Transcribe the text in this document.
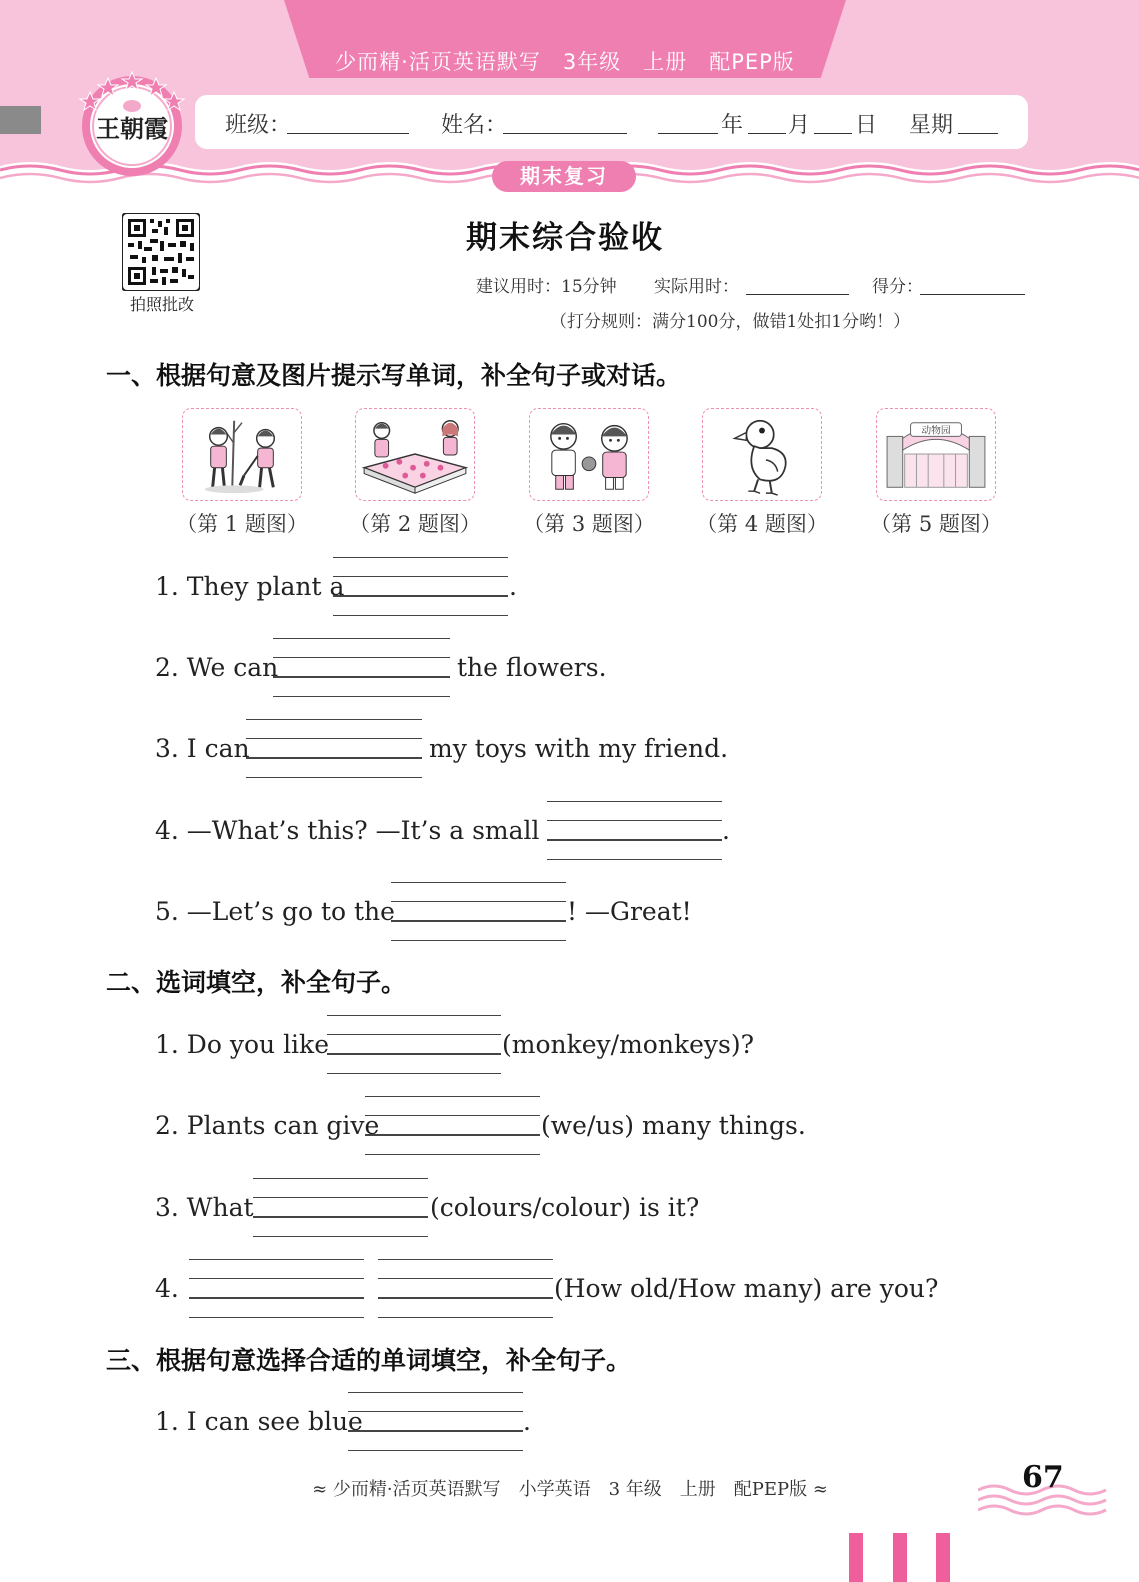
少而精·活页英语默写　3年级　上册　配PEP版
班级：	姓名：	年 月 日 星期
期末复习
王朝霞
拍照批改
期末综合验收
建议用时：15分钟 实际用时：	得分：
（打分规则：满分100分，做错1处扣1分哟！）
一、根据句意及图片提示写单词，补全句子或对话。
动物园
（第 1 题图）	（第 2 题图）	（第 3 题图）	（第 4 题图）	（第 5 题图）
1. They plant a	.
2. We can	the flowers.
3. I can	my toys with my friend.
4. —What’s this? —It’s a small	.
5. —Let’s go to the	! —Great!
二、选词填空，补全句子。
1. Do you like	(monkey/monkeys)?
2. Plants can give	(we/us) many things.
3. What	(colours/colour) is it?
4.	(How old/How many) are you?
三、根据句意选择合适的单词填空，补全句子。
1. I can see blue	.
≈ 少而精·活页英语默写　小学英语　3 年级　上册　配PEP版 ≈	67
